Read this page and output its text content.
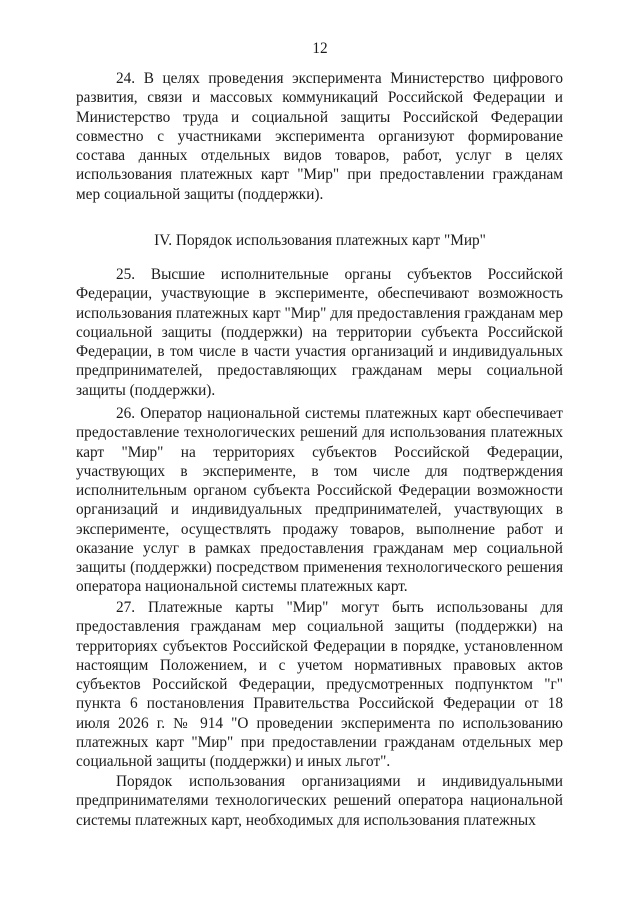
12

24. В целях проведения эксперимента Министерство цифрового развития, связи и массовых коммуникаций Российской Федерации и Министерство труда и социальной защиты Российской Федерации совместно с участниками эксперимента организуют формирование состава данных отдельных видов товаров, работ, услуг в целях использования платежных карт "Мир" при предоставлении гражданам мер социальной защиты (поддержки).

IV. Порядок использования платежных карт "Мир"

25. Высшие исполнительные органы субъектов Российской Федерации, участвующие в эксперименте, обеспечивают возможность использования платежных карт "Мир" для предоставления гражданам мер социальной защиты (поддержки) на территории субъекта Российской Федерации, в том числе в части участия организаций и индивидуальных предпринимателей, предоставляющих гражданам меры социальной защиты (поддержки).

26. Оператор национальной системы платежных карт обеспечивает предоставление технологических решений для использования платежных карт "Мир" на территориях субъектов Российской Федерации, участвующих в эксперименте, в том числе для подтверждения исполнительным органом субъекта Российской Федерации возможности организаций и индивидуальных предпринимателей, участвующих в эксперименте, осуществлять продажу товаров, выполнение работ и оказание услуг в рамках предоставления гражданам мер социальной защиты (поддержки) посредством применения технологического решения оператора национальной системы платежных карт.

27. Платежные карты "Мир" могут быть использованы для предоставления гражданам мер социальной защиты (поддержки) на территориях субъектов Российской Федерации в порядке, установленном настоящим Положением, и с учетом нормативных правовых актов субъектов Российской Федерации, предусмотренных подпунктом "г" пункта 6 постановления Правительства Российской Федерации от 18 июля 2026 г. № 914 "О проведении эксперимента по использованию платежных карт "Мир" при предоставлении гражданам отдельных мер социальной защиты (поддержки) и иных льгот".

Порядок использования организациями и индивидуальными предпринимателями технологических решений оператора национальной системы платежных карт, необходимых для использования платежных
